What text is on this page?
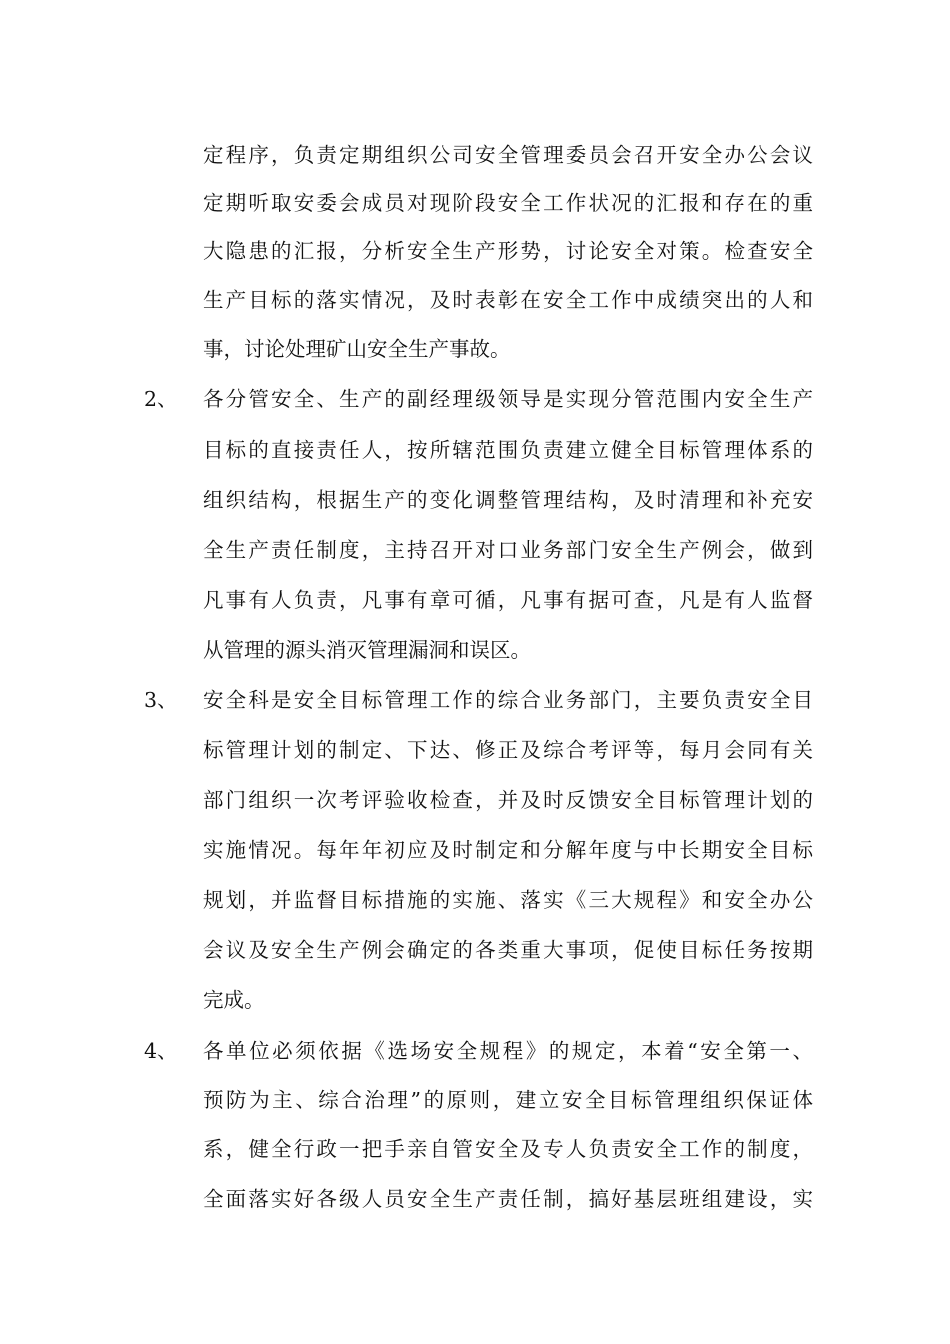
定程序，负责定期组织公司安全管理委员会召开安全办公会议
定期听取安委会成员对现阶段安全工作状况的汇报和存在的重
大隐患的汇报，分析安全生产形势，讨论安全对策。检查安全
生产目标的落实情况，及时表彰在安全工作中成绩突出的人和
事，讨论处理矿山安全生产事故。
2、 各分管安全、生产的副经理级领导是实现分管范围内安全生产
目标的直接责任人，按所辖范围负责建立健全目标管理体系的
组织结构，根据生产的变化调整管理结构，及时清理和补充安
全生产责任制度，主持召开对口业务部门安全生产例会，做到
凡事有人负责，凡事有章可循，凡事有据可查，凡是有人监督
从管理的源头消灭管理漏洞和误区。
3、 安全科是安全目标管理工作的综合业务部门，主要负责安全目
标管理计划的制定、下达、修正及综合考评等，每月会同有关
部门组织一次考评验收检查，并及时反馈安全目标管理计划的
实施情况。每年年初应及时制定和分解年度与中长期安全目标
规划，并监督目标措施的实施、落实《三大规程》和安全办公
会议及安全生产例会确定的各类重大事项，促使目标任务按期
完成。
4、 各单位必须依据《选场安全规程》的规定，本着“安全第一、
预防为主、综合治理”的原则，建立安全目标管理组织保证体
系，健全行政一把手亲自管安全及专人负责安全工作的制度，
全面落实好各级人员安全生产责任制，搞好基层班组建设，实
